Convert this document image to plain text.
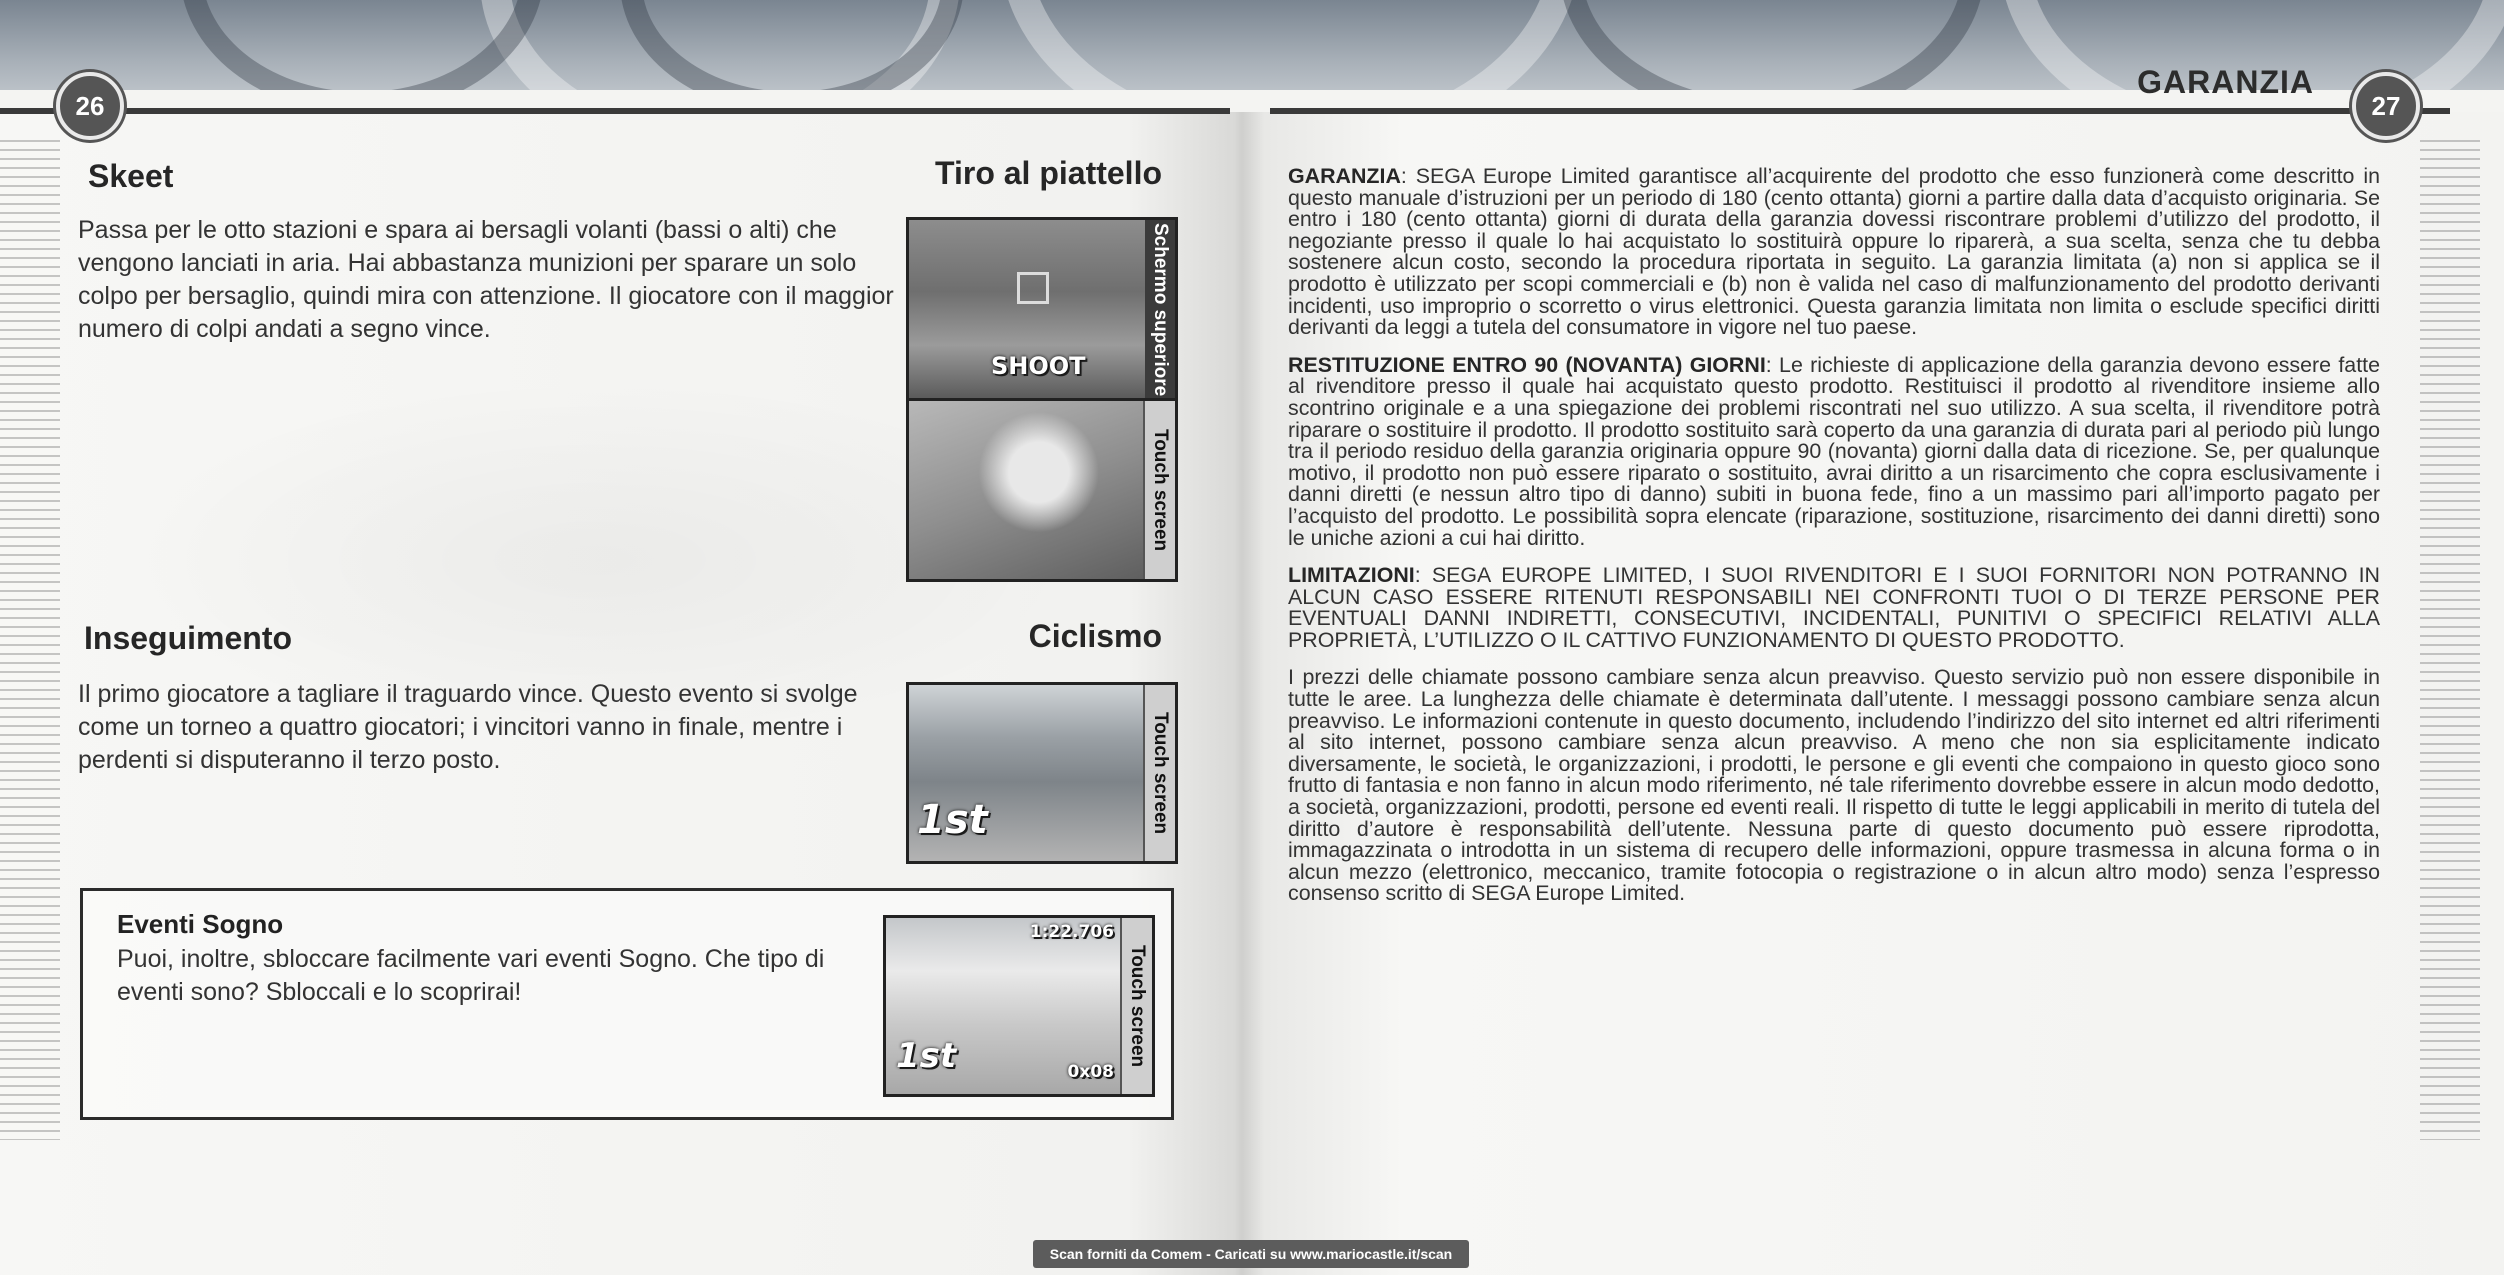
26
Skeet	Tiro al piattello

Passa per le otto stazioni e spara ai bersagli volanti (bassi o alti) che vengono lanciati in aria. Hai abbastanza munizioni per sparare un solo colpo per bersaglio, quindi mira con attenzione. Il giocatore con il maggior numero di colpi andati a segno vince.

SHOOT	Schermo superiore
Touch screen
Inseguimento	Ciclismo

Il primo giocatore a tagliare il traguardo vince. Questo evento si svolge come un torneo a quattro giocatori; i vincitori vanno in finale, mentre i perdenti si disputeranno il terzo posto.

1st	Touch screen
Eventi Sogno

Puoi, inoltre, sbloccare facilmente vari eventi Sogno. Che tipo di eventi sono? Sbloccali e lo scoprirai!

1:22.706
1st	0x08
Touch screen
GARANZIA
27

GARANZIA: SEGA Europe Limited garantisce all’acquirente del prodotto che esso funzionerà come descritto in questo manuale d’istruzioni per un periodo di 180 (cento ottanta) giorni a partire dalla data d’acquisto originaria. Se entro i 180 (cento ottanta) giorni di durata della garanzia dovessi riscontrare problemi d’utilizzo del prodotto, il negoziante presso il quale lo hai acquistato lo sostituirà oppure lo riparerà, a sua scelta, senza che tu debba sostenere alcun costo, secondo la procedura riportata in seguito. La garanzia limitata (a) non si applica se il prodotto è utilizzato per scopi commerciali e (b) non è valida nel caso di malfunzionamento del prodotto derivanti incidenti, uso improprio o scorretto o virus elettronici. Questa garanzia limitata non limita o esclude specifici diritti derivanti da leggi a tutela del consumatore in vigore nel tuo paese.

RESTITUZIONE ENTRO 90 (NOVANTA) GIORNI: Le richieste di applicazione della garanzia devono essere fatte al rivenditore presso il quale hai acquistato questo prodotto. Restituisci il prodotto al rivenditore insieme allo scontrino originale e a una spiegazione dei problemi riscontrati nel suo utilizzo. A sua scelta, il rivenditore potrà riparare o sostituire il prodotto. Il prodotto sostituito sarà coperto da una garanzia di durata pari al periodo più lungo tra il periodo residuo della garanzia originaria oppure 90 (novanta) giorni dalla data di ricezione. Se, per qualunque motivo, il prodotto non può essere riparato o sostituito, avrai diritto a un risarcimento che copra esclusivamente i danni diretti (e nessun altro tipo di danno) subiti in buona fede, fino a un massimo pari all’importo pagato per l’acquisto del prodotto. Le possibilità sopra elencate (riparazione, sostituzione, risarcimento dei danni diretti) sono le uniche azioni a cui hai diritto.

LIMITAZIONI: SEGA EUROPE LIMITED, I SUOI RIVENDITORI E I SUOI FORNITORI NON POTRANNO IN ALCUN CASO ESSERE RITENUTI RESPONSABILI NEI CONFRONTI TUOI O DI TERZE PERSONE PER EVENTUALI DANNI INDIRETTI, CONSECUTIVI, INCIDENTALI, PUNITIVI O SPECIFICI RELATIVI ALLA PROPRIETÀ, L’UTILIZZO O IL CATTIVO FUNZIONAMENTO DI QUESTO PRODOTTO.

I prezzi delle chiamate possono cambiare senza alcun preavviso. Questo servizio può non essere disponibile in tutte le aree. La lunghezza delle chiamate è determinata dall’utente. I messaggi possono cambiare senza alcun preavviso. Le informazioni contenute in questo documento, includendo l’indirizzo del sito internet ed altri riferimenti al sito internet, possono cambiare senza alcun preavviso. A meno che non sia esplicitamente indicato diversamente, le società, le organizzazioni, i prodotti, le persone e gli eventi che compaiono in questo gioco sono frutto di fantasia e non fanno in alcun modo riferimento, né tale riferimento dovrebbe essere in alcun modo dedotto, a società, organizzazioni, prodotti, persone ed eventi reali. Il rispetto di tutte le leggi applicabili in merito di tutela del diritto d’autore è responsabilità dell’utente. Nessuna parte di questo documento può essere riprodotta, immagazzinata o introdotta in un sistema di recupero delle informazioni, oppure trasmessa in alcuna forma o in alcun mezzo (elettronico, meccanico, tramite fotocopia o registrazione o in alcun altro modo) senza l’espresso consenso scritto di SEGA Europe Limited.

Scan forniti da Comem - Caricati su www.mariocastle.it/scan
